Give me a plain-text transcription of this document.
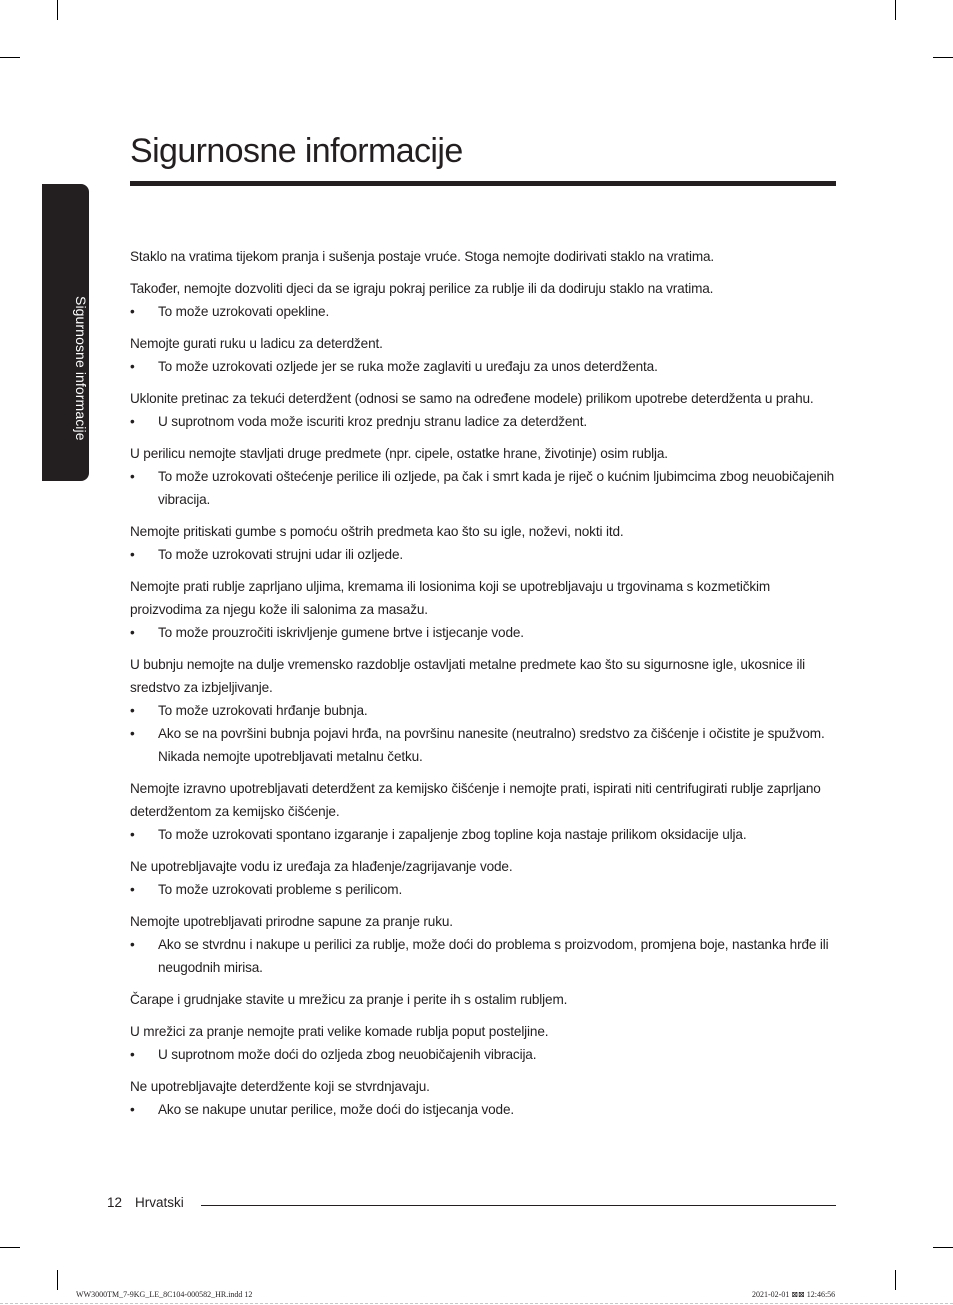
Sigurnosne informacije
Sigurnosne informacije

Staklo na vratima tijekom pranja i sušenja postaje vruće. Stoga nemojte dodirivati staklo na vratima.

Također, nemojte dozvoliti djeci da se igraju pokraj perilice za rublje ili da dodiruju staklo na vratima.

• To može uzrokovati opekline.

Nemojte gurati ruku u ladicu za deterdžent.

• To može uzrokovati ozljede jer se ruka može zaglaviti u uređaju za unos deterdženta.

Uklonite pretinac za tekući deterdžent (odnosi se samo na određene modele) prilikom upotrebe deterdženta u prahu.

• U suprotnom voda može iscuriti kroz prednju stranu ladice za deterdžent.

U perilicu nemojte stavljati druge predmete (npr. cipele, ostatke hrane, životinje) osim rublja.

• To može uzrokovati oštećenje perilice ili ozljede, pa čak i smrt kada je riječ o kućnim ljubimcima zbog neuobičajenih vibracija.

Nemojte pritiskati gumbe s pomoću oštrih predmeta kao što su igle, noževi, nokti itd.

• To može uzrokovati strujni udar ili ozljede.

Nemojte prati rublje zaprljano uljima, kremama ili losionima koji se upotrebljavaju u trgovinama s kozmetičkim proizvodima za njegu kože ili salonima za masažu.

• To može prouzročiti iskrivljenje gumene brtve i istjecanje vode.

U bubnju nemojte na dulje vremensko razdoblje ostavljati metalne predmete kao što su sigurnosne igle, ukosnice ili sredstvo za izbjeljivanje.

• To može uzrokovati hrđanje bubnja.
• Ako se na površini bubnja pojavi hrđa, na površinu nanesite (neutralno) sredstvo za čišćenje i očistite je spužvom. Nikada nemojte upotrebljavati metalnu četku.

Nemojte izravno upotrebljavati deterdžent za kemijsko čišćenje i nemojte prati, ispirati niti centrifugirati rublje zaprljano deterdžentom za kemijsko čišćenje.

• To može uzrokovati spontano izgaranje i zapaljenje zbog topline koja nastaje prilikom oksidacije ulja.

Ne upotrebljavajte vodu iz uređaja za hlađenje/zagrijavanje vode.

• To može uzrokovati probleme s perilicom.

Nemojte upotrebljavati prirodne sapune za pranje ruku.

• Ako se stvrdnu i nakupe u perilici za rublje, može doći do problema s proizvodom, promjena boje, nastanka hrđe ili neugodnih mirisa.

Čarape i grudnjake stavite u mrežicu za pranje i perite ih s ostalim rubljem.

U mrežici za pranje nemojte prati velike komade rublja poput posteljine.

• U suprotnom može doći do ozljeda zbog neuobičajenih vibracija.

Ne upotrebljavajte deterdžente koji se stvrdnjavaju.

• Ako se nakupe unutar perilice, može doći do istjecanja vode.
12 Hrvatski
WW3000TM_7-9KG_LE_8C104-000582_HR.indd 12	2021-02-01 ⊠⊠ 12:46:56
